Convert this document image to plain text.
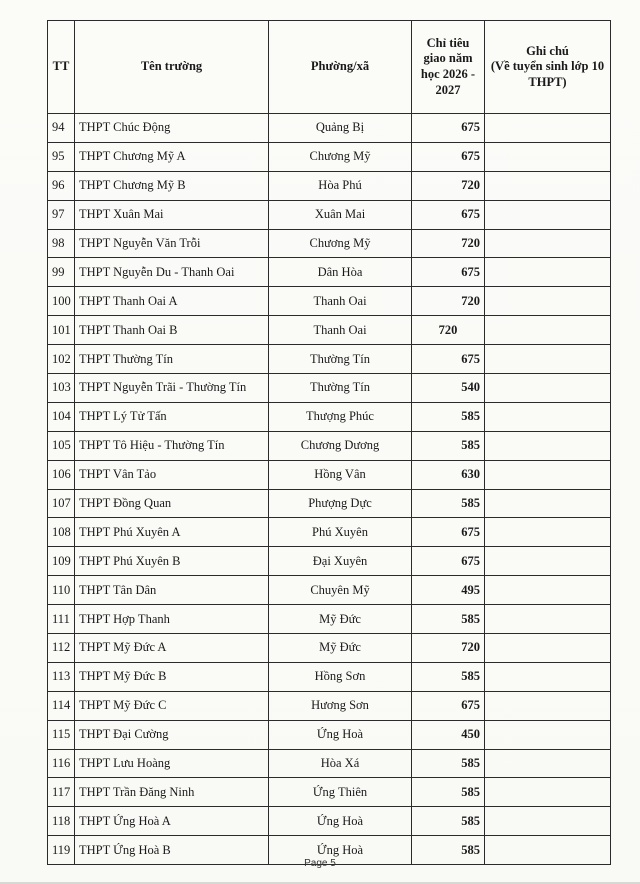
TT	Tên trường	Phường/xã	Chỉ tiêu
giao năm
học 2026 -
2027	Ghi chú
(Về tuyển sinh lớp 10 THPT)

94	THPT Chúc Động	Quảng Bị	675	
95	THPT Chương Mỹ A	Chương Mỹ	675	
96	THPT Chương Mỹ B	Hòa Phú	720	
97	THPT Xuân Mai	Xuân Mai	675	
98	THPT Nguyễn Văn Trỗi	Chương Mỹ	720	
99	THPT Nguyễn Du - Thanh Oai	Dân Hòa	675	
100	THPT Thanh Oai A	Thanh Oai	720	
101	THPT Thanh Oai B	Thanh Oai	720	
102	THPT Thường Tín	Thường Tín	675	
103	THPT Nguyễn Trãi - Thường Tín	Thường Tín	540	
104	THPT Lý Tử Tấn	Thượng Phúc	585	
105	THPT Tô Hiệu - Thường Tín	Chương Dương	585	
106	THPT Vân Tảo	Hồng Vân	630	
107	THPT Đồng Quan	Phượng Dực	585	
108	THPT Phú Xuyên A	Phú Xuyên	675	
109	THPT Phú Xuyên B	Đại Xuyên	675	
110	THPT Tân Dân	Chuyên Mỹ	495	
111	THPT Hợp Thanh	Mỹ Đức	585	
112	THPT Mỹ Đức A	Mỹ Đức	720	
113	THPT Mỹ Đức B	Hồng Sơn	585	
114	THPT Mỹ Đức C	Hương Sơn	675	
115	THPT Đại Cường	Ứng Hoà	450	
116	THPT Lưu Hoàng	Hòa Xá	585	
117	THPT Trần Đăng Ninh	Ứng Thiên	585	
118	THPT Ứng Hoà A	Ứng Hoà	585	
119	THPT Ứng Hoà B	Ứng Hoà	585	
Page 5
